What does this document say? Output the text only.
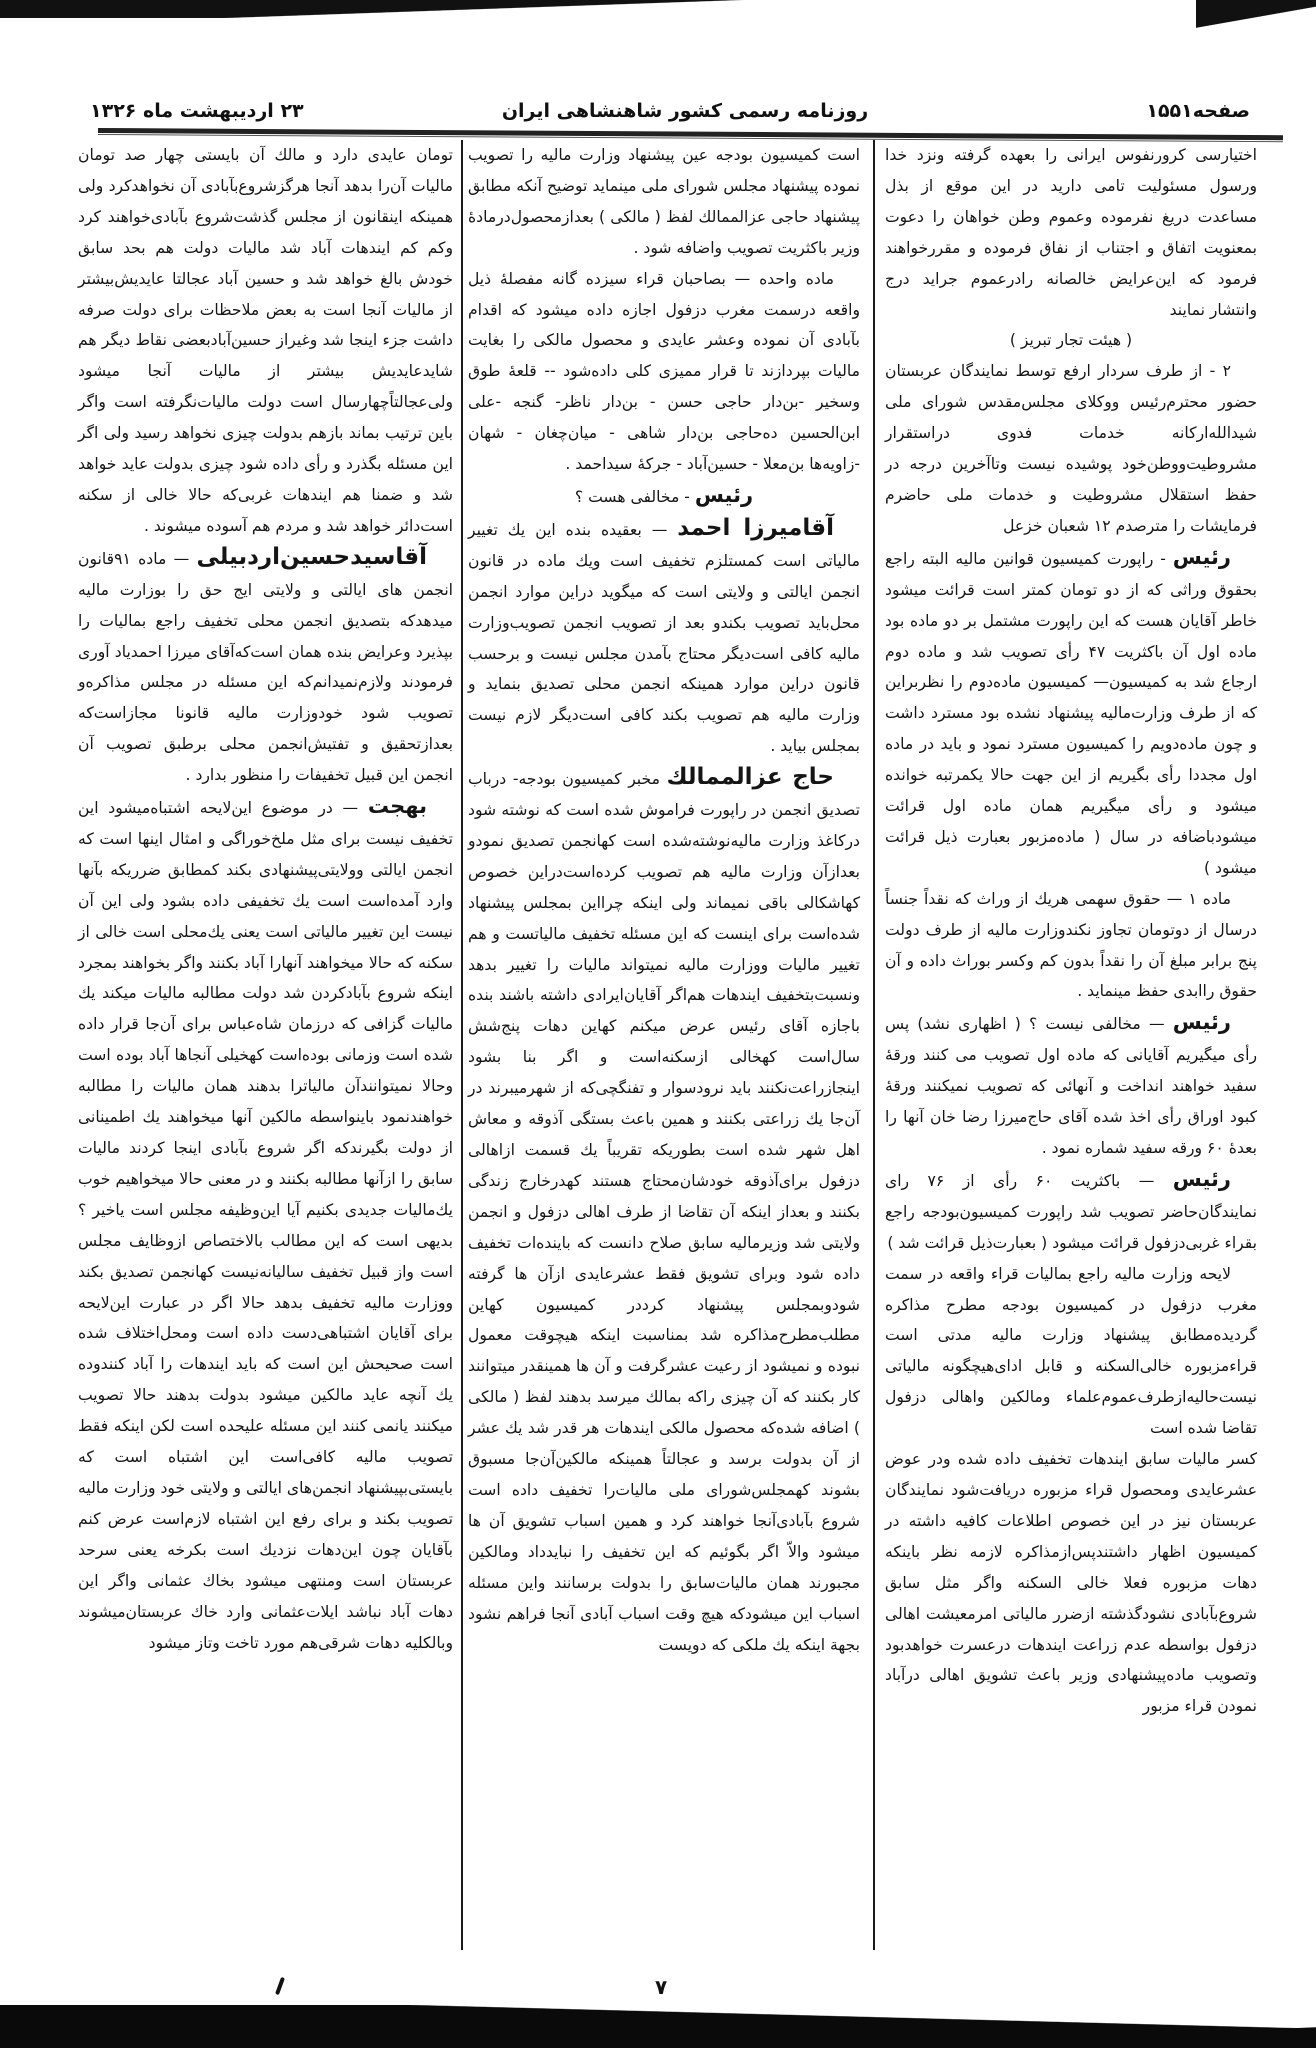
صفحه۱۵۵۱
روزنامه رسمی کشور شاهنشاهی ایران
۲۳ اردیبهشت ماه ۱۳۲۶

اختیارسی کرورنفوس ایرانی را بعهده گرفته ونزد خدا ورسول مسئولیت تامی دارید در این موقع از بذل مساعدت دریغ نفرموده وعموم وطن خواهان را دعوت بمعنویت اتفاق و اجتناب از نفاق فرموده و مقررخواهند فرمود که این‌عرایض خالصانه رادرعموم جراید درج وانتشار نمایند

( هیئت تجار تبریز )

۲ - از طرف سردار ارفع توسط نمایندگان عربستان حضور محترم‌رئیس ووکلای مجلس‌مقدس شورای ملی شیدالله‌ارکانه خدمات فدوی دراستقرار مشروطیت‌ووطن‌خود پوشیده نیست وتاآخرین درجه در حفظ استقلال مشروطیت و خدمات ملی حاضرم فرمایشات را مترصدم ۱۲ شعبان خزعل

رئیس - راپورت کمیسیون قوانین مالیه البته راجع بحقوق وراثی که از دو تومان کمتر است قرائت میشود خاطر آقایان هست که این راپورت مشتمل بر دو ماده بود ماده اول آن باکثریت ۴۷ رأی تصویب شد و ماده دوم ارجاع شد به کمیسیون— کمیسیون ماده‌دوم را نظربراین که از طرف وزارت‌مالیه پیشنهاد نشده بود مسترد داشت و چون ماده‌دویم را کمیسیون مسترد نمود و باید در ماده اول مجددا رأی بگیریم از این جهت حالا یکمرتبه خوانده میشود و رأی میگیریم همان ماده اول قرائت میشودباضافه در سال ( ماده‌مزبور بعبارت ذیل قرائت میشود )

ماده ۱ — حقوق سهمی هریك از وراث که نقداً جنساً درسال از دوتومان تجاوز نکندوزارت مالیه از طرف دولت پنج برابر مبلغ آن را نقداً بدون کم وکسر بوراث داده و آن حقوق راابدی حفظ مینماید .

رئیس — مخالفی نیست ؟ ( اظهاری نشد) پس رأی میگیریم آقایانی که ماده اول تصویب می کنند ورقهٔ سفید خواهند انداخت و آنهائی که تصویب نمیکنند ورقهٔ کبود اوراق رأی اخذ شده آقای حاج‌میرزا رضا خان آنها را بعدهٔ ۶۰ ورقه سفید شماره نمود .

رئیس — باکثریت ۶۰ رأی از ۷۶ رای نمایندگان‌حاضر تصویب شد راپورت کمیسیون‌بودجه راجع بقراء غربی‌دزفول قرائت میشود ( بعبارت‌ذیل قرائت شد )

لایحه وزارت مالیه راجع بمالیات قراء واقعه در سمت مغرب دزفول در کمیسیون بودجه مطرح مذاکره گردیده‌مطابق پیشنهاد وزارت مالیه مدتی است قراءمزبوره خالی‌السکنه و قابل ادای‌هیچگونه مالیاتی نیست‌حالیه‌ازطرف‌عموم‌علماء ومالکین واهالی دزفول تقاضا شده است

کسر مالیات سابق ایندهات تخفیف داده شده ودر عوض عشرعایدی ومحصول قراء مزبوره دریافت‌شود نمایندگان عربستان نیز در این خصوص اطلاعات کافیه داشته در کمیسیون اظهار داشتندپس‌ازمذاکره لازمه نظر باینکه دهات مزبوره فعلا خالی السکنه واگر مثل سابق شروع‌بآبادی نشودگذشته ازضرر مالیاتی امرمعیشت اهالی دزفول بواسطه عدم زراعت ایندهات درعسرت خواهدبود وتصویب ماده‌پیشنهادی وزیر باعث تشویق اهالی درآباد نمودن قراء مزبور

است کمیسیون بودجه عین پیشنهاد وزارت مالیه را تصویب نموده پیشنهاد مجلس شورای ملی مینماید توضیح آنکه مطابق پیشنهاد حاجی عزالممالك لفظ ( مالکی ) بعدازمحصول‌درمادهٔ وزیر باکثریت تصویب واضافه شود .

ماده واحده — بصاحبان قراء سیزده گانه مفصلهٔ ذیل واقعه درسمت مغرب دزفول اجازه داده میشود که اقدام بآبادی آن نموده وعشر عایدی و محصول مالکی را بغایت مالیات بپردازند تا قرار ممیزی کلی داده‌شود -- قلعهٔ طوق وسخیر -بن‌دار حاجی حسن - بن‌دار ناظر- گنجه -علی ابن‌الحسین ده‌حاجی بن‌دار شاهی - میان‌چغان - شهان -زاویه‌ها بن‌معلا - حسین‌آباد - جرکهٔ سیداحمد .

رئیس - مخالفی هست ؟

آقامیرزا احمد — بعقیده بنده این یك تغییر مالیاتی است کمستلزم تخفیف است ویك ماده در قانون انجمن ایالتی و ولایتی است که میگوید دراین موارد انجمن محل‌باید تصویب بکندو بعد از تصویب انجمن تصویب‌وزارت مالیه کافی است‌دیگر محتاج بآمدن مجلس نیست و برحسب قانون دراین موارد همینکه انجمن محلی تصدیق بنماید و وزارت مالیه هم تصویب بکند کافی است‌دیگر لازم نیست بمجلس بیاید .

حاج عزالممالك مخبر کمیسیون بودجه- درباب تصدیق انجمن در راپورت فراموش شده است که نوشته شود درکاغذ وزارت مالیه‌نوشته‌شده است کهانجمن تصدیق نمودو بعدازآن وزارت مالیه هم تصویب کرده‌است‌دراین خصوص کهاشکالی باقی نمیماند ولی اینکه چرااین بمجلس پیشنهاد شده‌است برای اینست که این مسئله تخفیف مالیاتست و هم تغییر مالیات ووزارت مالیه نمیتواند مالیات را تغییر بدهد ونسبت‌بتخفیف ایندهات هم‌اگر آقایان‌ایرادی داشته باشند بنده باجازه آقای رئیس عرض میکنم کهاین دهات پنج‌شش سال‌است کهخالی ازسکنه‌است و اگر بنا بشود اینجازراعت‌نکنند باید نرودسوار و تفنگچی‌که از شهرمیبرند در آن‌جا یك زراعتی بکنند و همین باعث بستگی آذوقه و معاش اهل شهر شده است بطوریکه تقریباً یك قسمت ازاهالی دزفول برای‌آذوقه خودشان‌محتاج هستند کهدرخارج زندگی بکنند و بعداز اینکه آن تقاضا از طرف اهالی دزفول و انجمن ولایتی شد وزیرمالیه سابق صلاح دانست که باینده‌ات تخفیف داده شود وبرای تشویق فقط عشرعایدی ازآن ها گرفته شودوبمجلس پیشنهاد کرددر کمیسیون کهاین مطلب‌مطرح‌مذاکره شد بمناسبت اینکه هیچوقت معمول نبوده و نمیشود از رعیت عشرگرفت و آن ها همینقدر میتوانند کار بکنند که آن چیزی راکه بمالك میرسد بدهند لفظ ( مالکی ) اضافه شده‌که محصول مالکی ایندهات هر قدر شد یك عشر از آن بدولت برسد و عجالتاً همینکه مالکین‌آن‌جا مسبوق بشوند کهمجلس‌شورای ملی مالیات‌را تخفیف داده است شروع بآبادی‌آنجا خواهند کرد و همین اسباب تشویق آن ها میشود والاّ اگر بگوئیم که این تخفیف را نبایدداد ومالکین مجبورند همان مالیات‌سابق را بدولت برسانند واین مسئله اسباب این میشودکه هیچ وقت اسباب آبادی آنجا فراهم نشود بجهة اینکه یك ملکی که دویست

تومان عایدی دارد و مالك آن بایستی چهار صد تومان مالیات آن‌را بدهد آنجا هرگزشروع‌بآبادی آن نخواهدکرد ولی همینکه اینقانون از مجلس گذشت‌شروع بآبادی‌خواهند کرد وکم کم ایندهات آباد شد مالیات دولت هم بحد سابق خودش بالغ خواهد شد و حسین آباد عجالتا عایدیش‌بیشتر از مالیات آنجا است به بعض ملاحظات برای دولت صرفه داشت جزء اینجا شد وغیراز حسین‌آبادبعضی نقاط دیگر هم شایدعایدیش بیشتر از مالیات آنجا میشود ولی‌عجالتاًچهارسال است دولت مالیات‌نگرفته است واگر باین ترتیب بماند بازهم بدولت چیزی نخواهد رسید ولی اگر این مسئله بگذرد و رأی داده شود چیزی بدولت عاید خواهد شد و ضمنا هم ایندهات غربی‌که حالا خالی از سکنه است‌دائر خواهد شد و مردم هم آسوده میشوند .

آقاسیدحسین‌اردبیلی — ماده ۹۱قانون انجمن های ایالتی و ولایتی ایج حق را بوزارت مالیه میدهدکه بتصدیق انجمن محلی تخفیف راجع بمالیات را بپذیرد وعرایض بنده همان است‌که‌آقای میرزا احمدیاد آوری فرمودند ولازم‌نمیدانم‌که این مسئله در مجلس مذاکره‌و تصویب شود خودوزارت مالیه قانونا مجازاست‌که بعدازتحقیق و تفتیش‌انجمن محلی برطبق تصویب آن انجمن این قبیل تخفیفات را منظور بدارد .

بهجت — در موضوع این‌لایحه اشتباه‌میشود این تخفیف نیست برای مثل ملخ‌خوراگی و امثال اینها است که انجمن ایالتی وولایتی‌پیشنهادی بکند کمطابق ضرریکه بآنها وارد آمده‌است است یك تخفیفی داده بشود ولی این آن نیست این تغییر مالیاتی است یعنی یك‌محلی است خالی از سکنه که حالا میخواهند آنهارا آباد بکنند واگر بخواهند بمجرد اینکه شروع بآبادکردن شد دولت مطالبه مالیات میکند یك مالیات گزافی که درزمان شاه‌عباس برای آن‌جا قرار داده شده است وزمانی بوده‌است کهخیلی آنجاها آباد بوده است وحالا نمیتوانندآن مالیاترا بدهند همان مالیات را مطالبه خواهندنمود باینواسطه مالکین آنها میخواهند یك اطمینانی از دولت بگیرندکه اگر شروع بآبادی اینجا کردند مالیات سابق را ازآنها مطالبه بکنند و در معنی حالا میخواهیم خوب یك‌مالیات جدیدی بکنیم آیا این‌وظیفه مجلس است یاخیر ؟ بدیهی است که این مطالب بالاختصاص ازوظایف مجلس است واز قبیل تخفیف سالیانه‌نیست کهانجمن تصدیق بکند ووزارت مالیه تخفیف بدهد حالا اگر در عبارت این‌لایحه برای آقایان اشتباهی‌دست داده است ومحل‌اختلاف شده است صحیحش این است که باید ایندهات را آباد کنندوده یك آنچه عاید مالکین میشود بدولت بدهند حالا تصویب میکنند یانمی کنند این مسئله علیحده است لکن اینکه فقط تصویب مالیه کافی‌است این اشتباه است که بایستی‌بپیشنهاد انجمن‌های ایالتی و ولایتی خود وزارت مالیه تصویب بکند و برای رفع این اشتباه لازم‌است عرض کنم بآقایان چون این‌دهات نزدیك است بکرخه یعنی سرحد عربستان است ومنتهی میشود بخاك عثمانی واگر این دهات آباد نباشد ایلات‌عثمانی وارد خاك عربستان‌میشوند وبالکلیه دهات شرقی‌هم مورد تاخت وتاز میشود

۷
